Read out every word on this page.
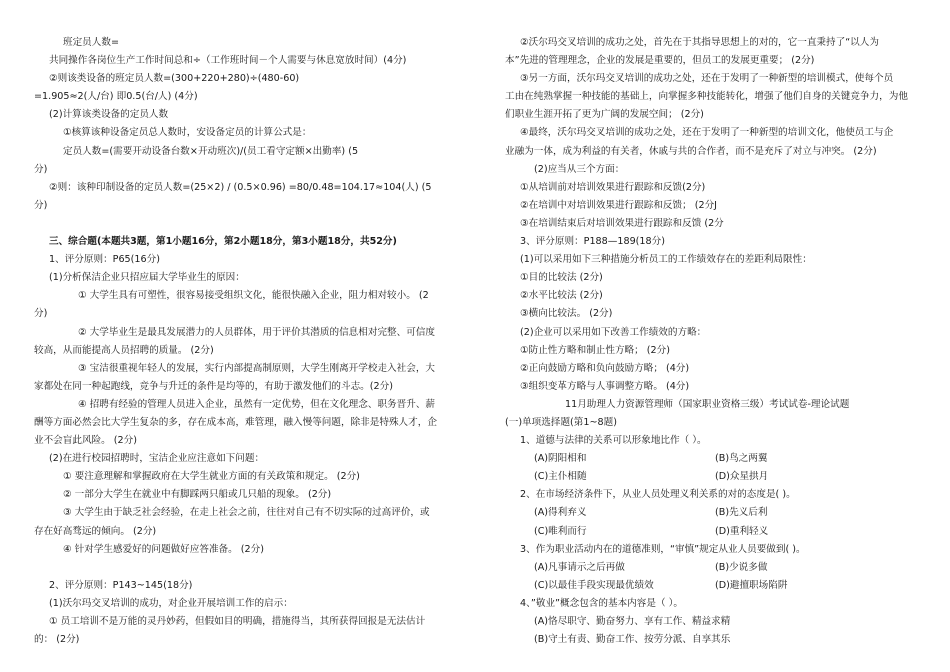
班定员人数=
共同操作各岗位生产工作时间总和÷（工作班时间－个人需要与休息宽放时间）(4分)
②则该类设备的班定员人数=(300+220+280)÷(480-60)
=1.905≈2(人/台) 即0.5(台/人) (4分)
(2)计算该类设备的定员人数
①核算该种设备定员总人数时，安设备定员的计算公式是：
定员人数=(需要开动设备台数×开动班次)/(员工看守定额×出勤率) (5
分)
②则：该种印制设备的定员人数=(25×2) / (0.5×0.96) =80/0.48=104.17≈104(人) (5
分)
三、综合题(本题共3题，第1小题16分，第2小题18分，第3小题18分，共52分)
1、评分原则：P65(16分)
(1)分析保洁企业只招应届大学毕业生的原因：
① 大学生具有可塑性，很容易接受组织文化，能很快融入企业，阻力相对较小。 (2
分)
② 大学毕业生是最具发展潜力的人员群体，用于评价其潜质的信息相对完整、可信度
较高，从而能提高人员招聘的质量。 (2分)
③ 宝洁很重视年轻人的发展，实行内部提高制原则，大学生刚离开学校走入社会，大
家都处在同一种起跑线，竞争与升迁的条件是均等的，有助于激发他们的斗志。(2分)
④ 招聘有经验的管理人员进入企业，虽然有一定优势，但在文化理念、职务晋升、薪
酬等方面必然会比大学生复杂的多，存在成本高，难管理，融入慢等问题，除非是特殊人才，企
业不会盲此风险。 (2分)
(2)在进行校园招聘时，宝洁企业应注意如下问题：
① 要注意理解和掌握政府在大学生就业方面的有关政策和规定。 (2分)
② 一部分大学生在就业中有脚踩两只船或几只船的现象。 (2分)
③ 大学生由于缺乏社会经验，在走上社会之前，往往对自己有不切实际的过高评价，或
存在好高骛远的倾向。 (2分)
④ 针对学生感爱好的问题做好应答准备。 (2分)
2、评分原则：P143~145(18分)
(1)沃尔玛交叉培训的成功，对企业开展培训工作的启示：
① 员工培训不是万能的灵丹妙药，但假如目的明确，措施得当，其所获得回报是无法估计
的： (2分)
②沃尔玛交叉培训的成功之处，首先在于其指导思想上的对的，它一直秉持了“以人为
本”先进的管理理念，企业的发展是重要的，但员工的发展更重要； (2分)
③另一方面，沃尔玛交叉培训的成功之处，还在于发明了一种新型的培训模式，使每个员
工由在纯熟掌握一种技能的基础上，向掌握多种技能转化，增强了他们自身的关键竞争力，为他
们职业生涯开拓了更为广阔的发展空间； (2分)
④最终，沃尔玛交叉培训的成功之处，还在于发明了一种新型的培训文化，他使员工与企
业融为一体，成为利益的有关者，休戚与共的合作者，而不是充斥了对立与冲突。 (2分)
(2)应当从三个方面：
①从培训前对培训效果进行跟踪和反馈(2分)
②在培训中对培训效果进行跟踪和反馈； (2分J
③在培训结束后对培训效果进行跟踪和反馈 (2分
3、评分原则：P188—189(18分)
(1)可以采用如下三种措施分析员工的工作绩效存在的差距利局限性：
①目的比较法 (2分)
②水平比较法 (2分)
③横向比较法。 (2分)
(2)企业可以采用如下改善工作绩效的方略：
①防止性方略和制止性方略； (2分)
②正向鼓励方略和负向鼓励方略； (4分)
③组织变革方略与人事调整方略。 (4分)
11月助理人力资源管理师（国家职业资格三级）考试试卷-理论试题
(一)单项选择题(第1~8题)
1、道德与法律的关系可以形象地比作（ ）。
(A)阴阳相和	(B)鸟之两翼
(C)主仆相随	(D)众星拱月
2、在市场经济条件下，从业人员处理义利关系的对的态度是( )。
(A)得利弃义	(B)先义后利
(C)唯利而行	(D)重利轻义
3、作为职业活动内在的道德准则，“审慎”规定从业人员要做到( )。
(A)凡事请示之后再做	(B)少说多做
(C)以最佳手段实现最优绩效	(D)避擅职场陷阱
4、”敬业”概念包含的基本内容是（ ）。
(A)恪尽职守、勤奋努力、享有工作、精益求精
(B)守土有责、勤奋工作、按劳分派、自享其乐
